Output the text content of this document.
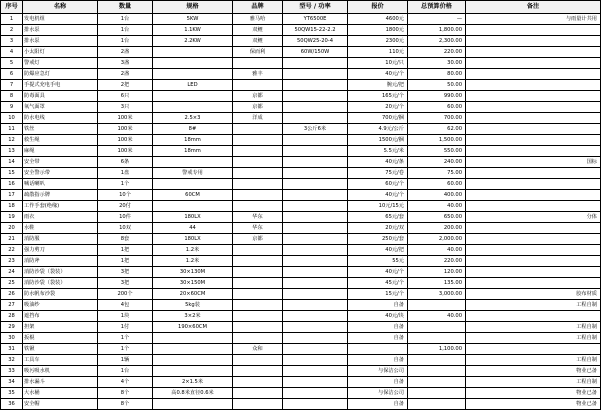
序号	名称	数量	规格	品牌	型号 / 功率	报价	总预算价格	备注
1	发电机组	1台	5KW	雅马哈	YT6500E	4600元	—	与雨量计共用
2	排水泵	1台	1.1KW	双鲤	50QW15-22-2.2	1800元	1,800.00	
3	排水泵	1台	2.2KW	双鲤	50QW25-20-4	2300元	2,300.00	
4	小太阳灯	2盏		保而利	60W/150W	110元	220.00	
5	警戒灯	3盏				10元/只	30.00	
6	防爆应急灯	2盏		雅丰		40元/个	80.00	
7	手提式充电手电	2把	LED			腕元/把	50.00	
8	防毒面具	6只		京都		165元/个	990.00	
9	氧气面罩	3只		京都		20元/个	60.00	
10	防水电线	100米	2.5×3	洋成		700元/捆	700.00	
11	铁丝	100米	8#		3公斤6米	4.9元/公斤	62.00	
12	救生绳	100米	18mm			1500元/捆	1,500.00	
13	麻绳	100米	18mm			5.5元/米	550.00	
14	安全带	6条				40元/条	240.00	国标
15	安全警示带	1盘	警戒专用			75元/卷	75.00	
16	喊话喇叭	1个				60元/个	60.00	
17	疏散指示牌	10个	60CM			40元/个	400.00	
18	工作手套(绝缘)	20付				10元/15元	40.00	
19	雨衣	10件	180LX	华东		65元/套	650.00	分体
20	水鞋	10双	44	华东		20元/双	200.00	
21	消防服	8套	180LX	京都		250元/套	2,000.00	
22	强力剪刀	1把	1.2米			40元/把	40.00	
23	消防斧	1把	1.2米			55元	220.00	
24	消防沙袋（袋装）	3把	30×130M			40元/个	120.00	
25	消防沙袋（袋装）	3把	30×150M			45元/个	135.00	
26	防水帆布沙袋	200个	20×60CM			15元/个	3,000.00	胶布材质
27	吸油纱	4包	5kg装			自备		工程自制
28	遮挡布	1块	3×2米			40元/块	40.00	
29	担架	1付	190×60CM			自备		工程自制
30	扳棍	1个				自备		工程自制
31	铁锹	1个		众和			1,100.00	
32	工具车	1辆				自备		工程自制
33	吸污吸水机	1台				与保洁公司		物业已备
34	排水漏斗	4个	2×1.5米			自备		工程自制
35	大水桶	8个	高0.8米直径0.6米			与保洁公司		物业已备
36	安全帽	8个				自备		物业已备
